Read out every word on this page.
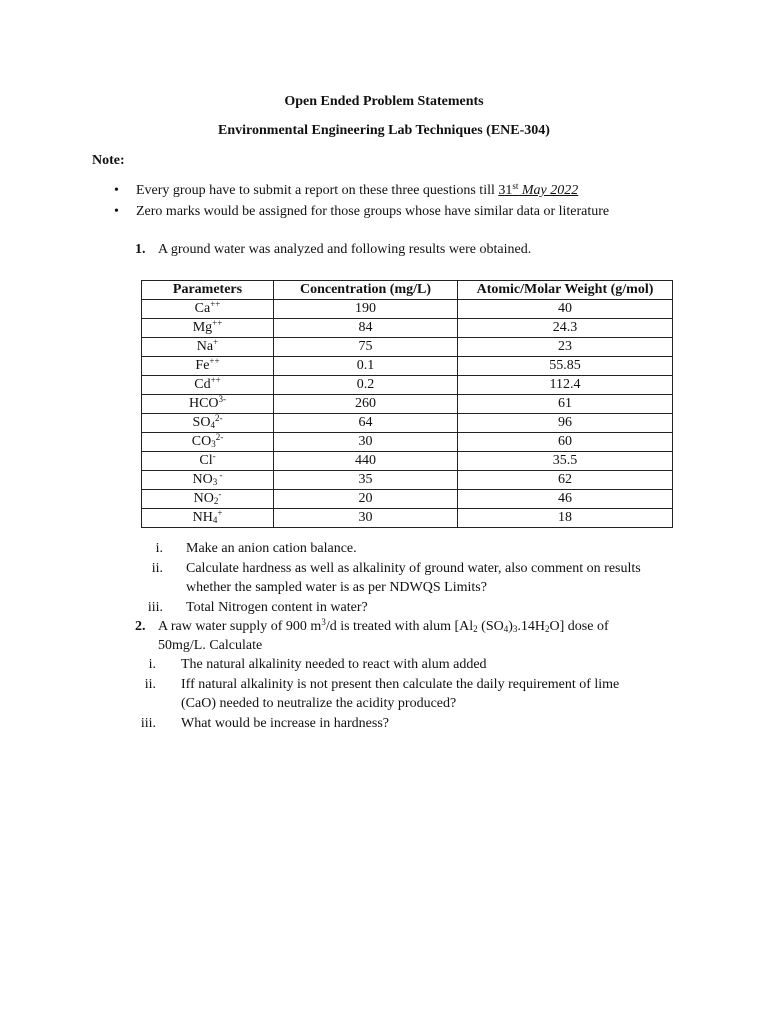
Open Ended Problem Statements
Environmental Engineering Lab Techniques (ENE-304)
Note:
• Every group have to submit a report on these three questions till 31st May 2022
• Zero marks would be assigned for those groups whose have similar data or literature
1. A ground water was analyzed and following results were obtained.
Parameters	Concentration (mg/L)	Atomic/Molar Weight (g/mol)
Ca++	190	40
Mg++	84	24.3
Na+	75	23
Fe++	0.1	55.85
Cd++	0.2	112.4
$HCO^{3-}$	260	61
$SO4^{2-}$	64	96
$CO3^{2-}$	30	60
Cl-	440	35.5
NO3 -	35	62
NO2-	20	46
NH4+	30	18
i. Make an anion cation balance.
ii. Calculate hardness as well as alkalinity of ground water, also comment on results
whether the sampled water is as per NDWQS Limits?
iii. Total Nitrogen content in water?
2. A raw water supply of 900 $m^3/d$ is treated with alum [Al2 (SO4)3.14H2O] dose of
50mg/L. Calculate
i. The natural alkalinity needed to react with alum added
ii. Iff natural alkalinity is not present then calculate the daily requirement of lime
(CaO) needed to neutralize the acidity produced?
iii. What would be increase in hardness?
